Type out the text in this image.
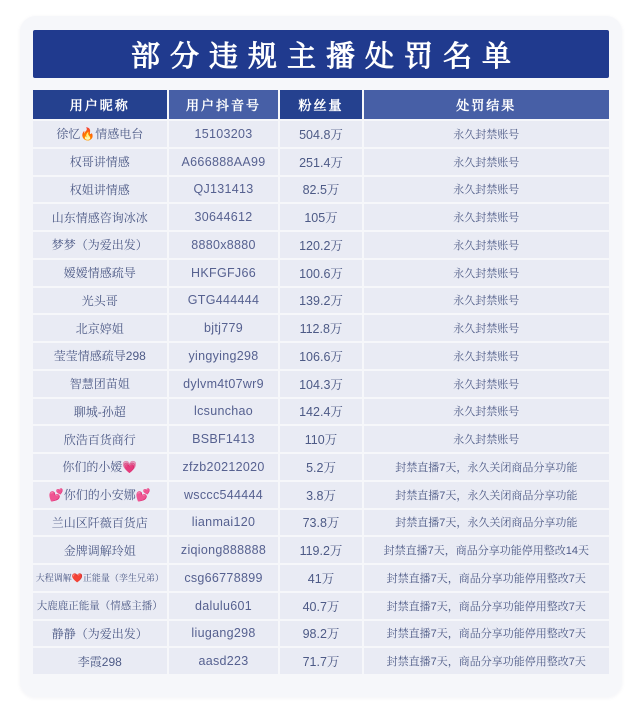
部分违规主播处罚名单
用户昵称	用户抖音号	粉丝量	处罚结果
徐忆🔥情感电台	15103203	504.8万	永久封禁账号
权哥讲情感	A666888AA99	251.4万	永久封禁账号
权姐讲情感	QJ131413	82.5万	永久封禁账号
山东情感咨询冰冰	30644612	105万	永久封禁账号
梦梦（为爱出发）	8880x8880	120.2万	永久封禁账号
嫒嫒情感疏导	HKFGFJ66	100.6万	永久封禁账号
光头哥	GTG444444	139.2万	永久封禁账号
北京婷姐	bjtj779	112.8万	永久封禁账号
莹莹情感疏导298	yingying298	106.6万	永久封禁账号
智慧团苗姐	dylvm4t07wr9	104.3万	永久封禁账号
聊城-孙超	lcsunchao	142.4万	永久封禁账号
欣浩百货商行	BSBF1413	110万	永久封禁账号
你们的小嫒💗	zfzb20212020	5.2万	封禁直播7天，永久关闭商品分享功能
💕你们的小安娜💕	wsccc544444	3.8万	封禁直播7天，永久关闭商品分享功能
兰山区阡薇百货店	lianmai120	73.8万	封禁直播7天，永久关闭商品分享功能
金牌调解玲姐	ziqiong888888	119.2万	封禁直播7天，商品分享功能停用整改14天
大程调解❤️正能量（孪生兄弟）	csg66778899	41万	封禁直播7天，商品分享功能停用整改7天
大鹿鹿正能量（情感主播）	dalulu601	40.7万	封禁直播7天，商品分享功能停用整改7天
静静（为爱出发）	liugang298	98.2万	封禁直播7天，商品分享功能停用整改7天
李霞298	aasd223	71.7万	封禁直播7天，商品分享功能停用整改7天
